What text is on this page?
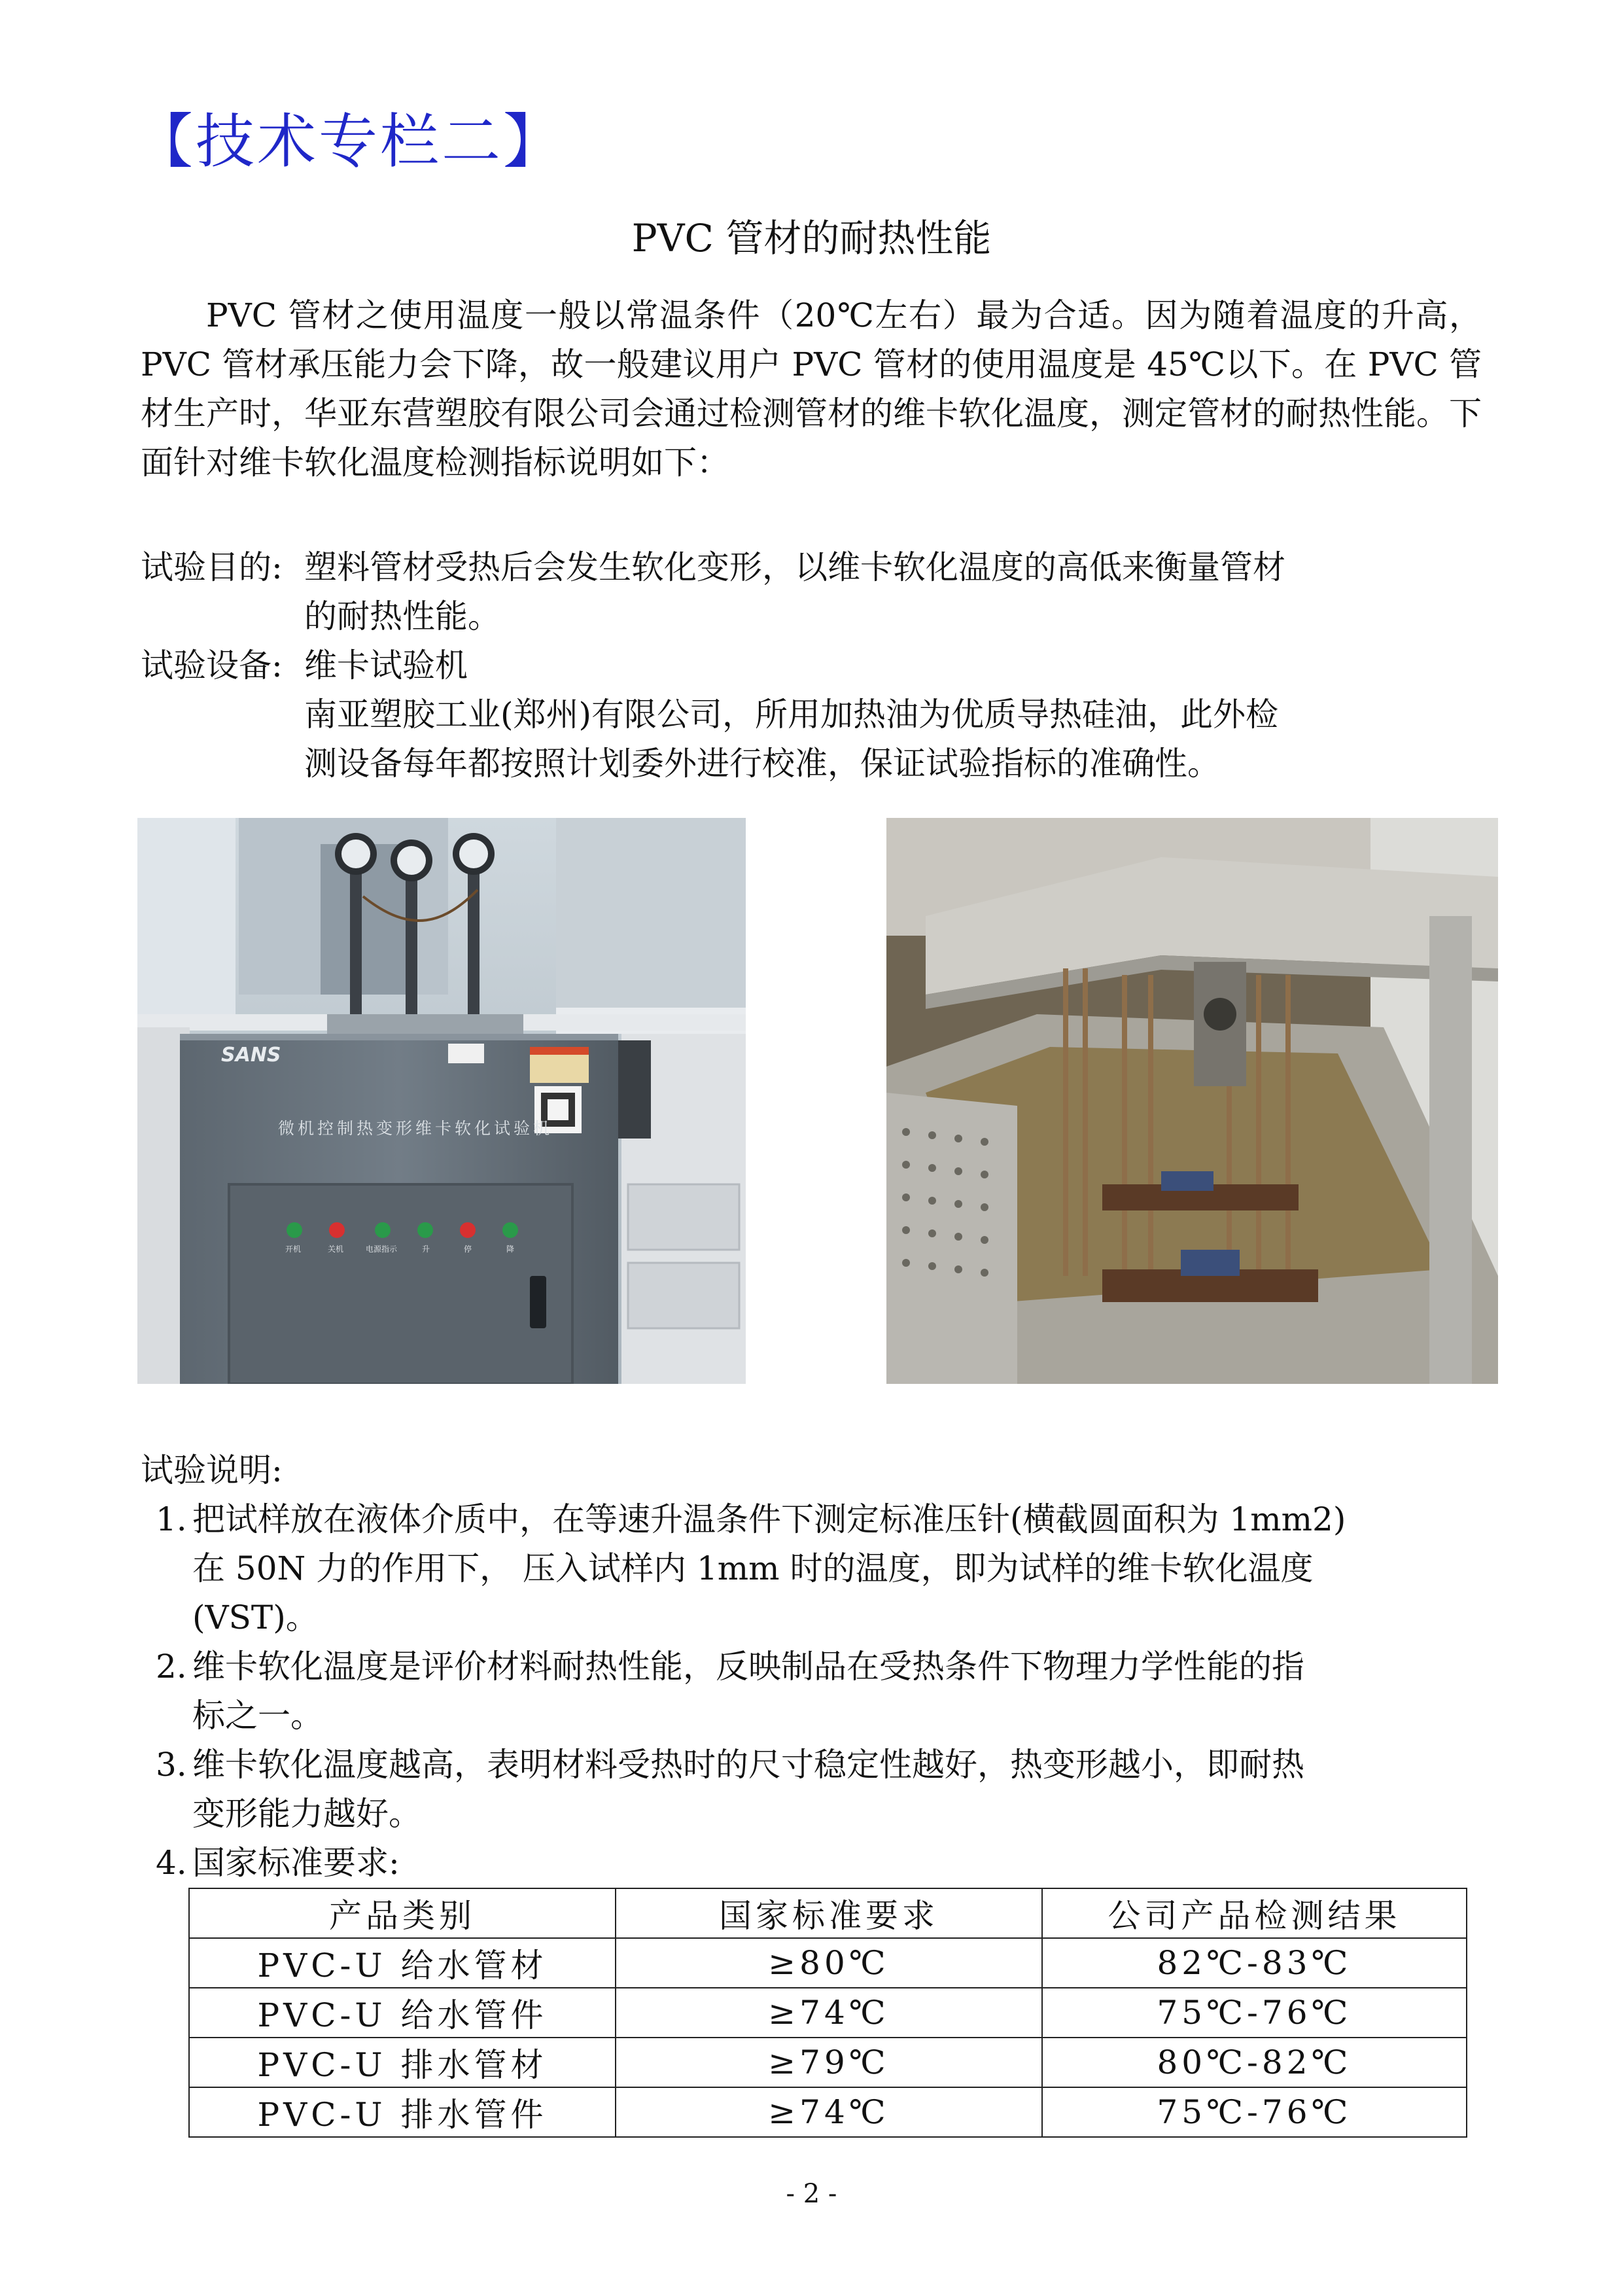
【技术专栏二】
PVC 管材的耐热性能

PVC 管材之使用温度一般以常温条件（20℃左右）最为合适。因为随着温度的升高，PVC 管材承压能力会下降，故一般建议用户 PVC 管材的使用温度是 45℃以下。在 PVC 管材生产时，华亚东营塑胶有限公司会通过检测管材的维卡软化温度，测定管材的耐热性能。下面针对维卡软化温度检测指标说明如下：

试验目的: 塑料管材受热后会发生软化变形，以维卡软化温度的高低来衡量管材

的耐热性能。

试验设备: 维卡试验机

南亚塑胶工业(郑州)有限公司，所用加热油为优质导热硅油，此外检

测设备每年都按照计划委外进行校准，保证试验指标的准确性。

SANS
微机控制热变形维卡软化试验机
开机	关机	电源指示	升	停	降
试验说明:

1. 把试样放在液体介质中，在等速升温条件下测定标准压针(横截圆面积为 1mm2)
在 50N 力的作用下， 压入试样内 1mm 时的温度，即为试样的维卡软化温度
(VST)。

2. 维卡软化温度是评价材料耐热性能，反映制品在受热条件下物理力学性能的指
标之一。

3. 维卡软化温度越高，表明材料受热时的尺寸稳定性越好，热变形越小，即耐热
变形能力越好。

4. 国家标准要求:

产品类别	国家标准要求	公司产品检测结果
PVC-U 给水管材	≥80℃	82℃-83℃
PVC-U 给水管件	≥74℃	75℃-76℃
PVC-U 排水管材	≥79℃	80℃-82℃
PVC-U 排水管件	≥74℃	75℃-76℃
- 2 -
